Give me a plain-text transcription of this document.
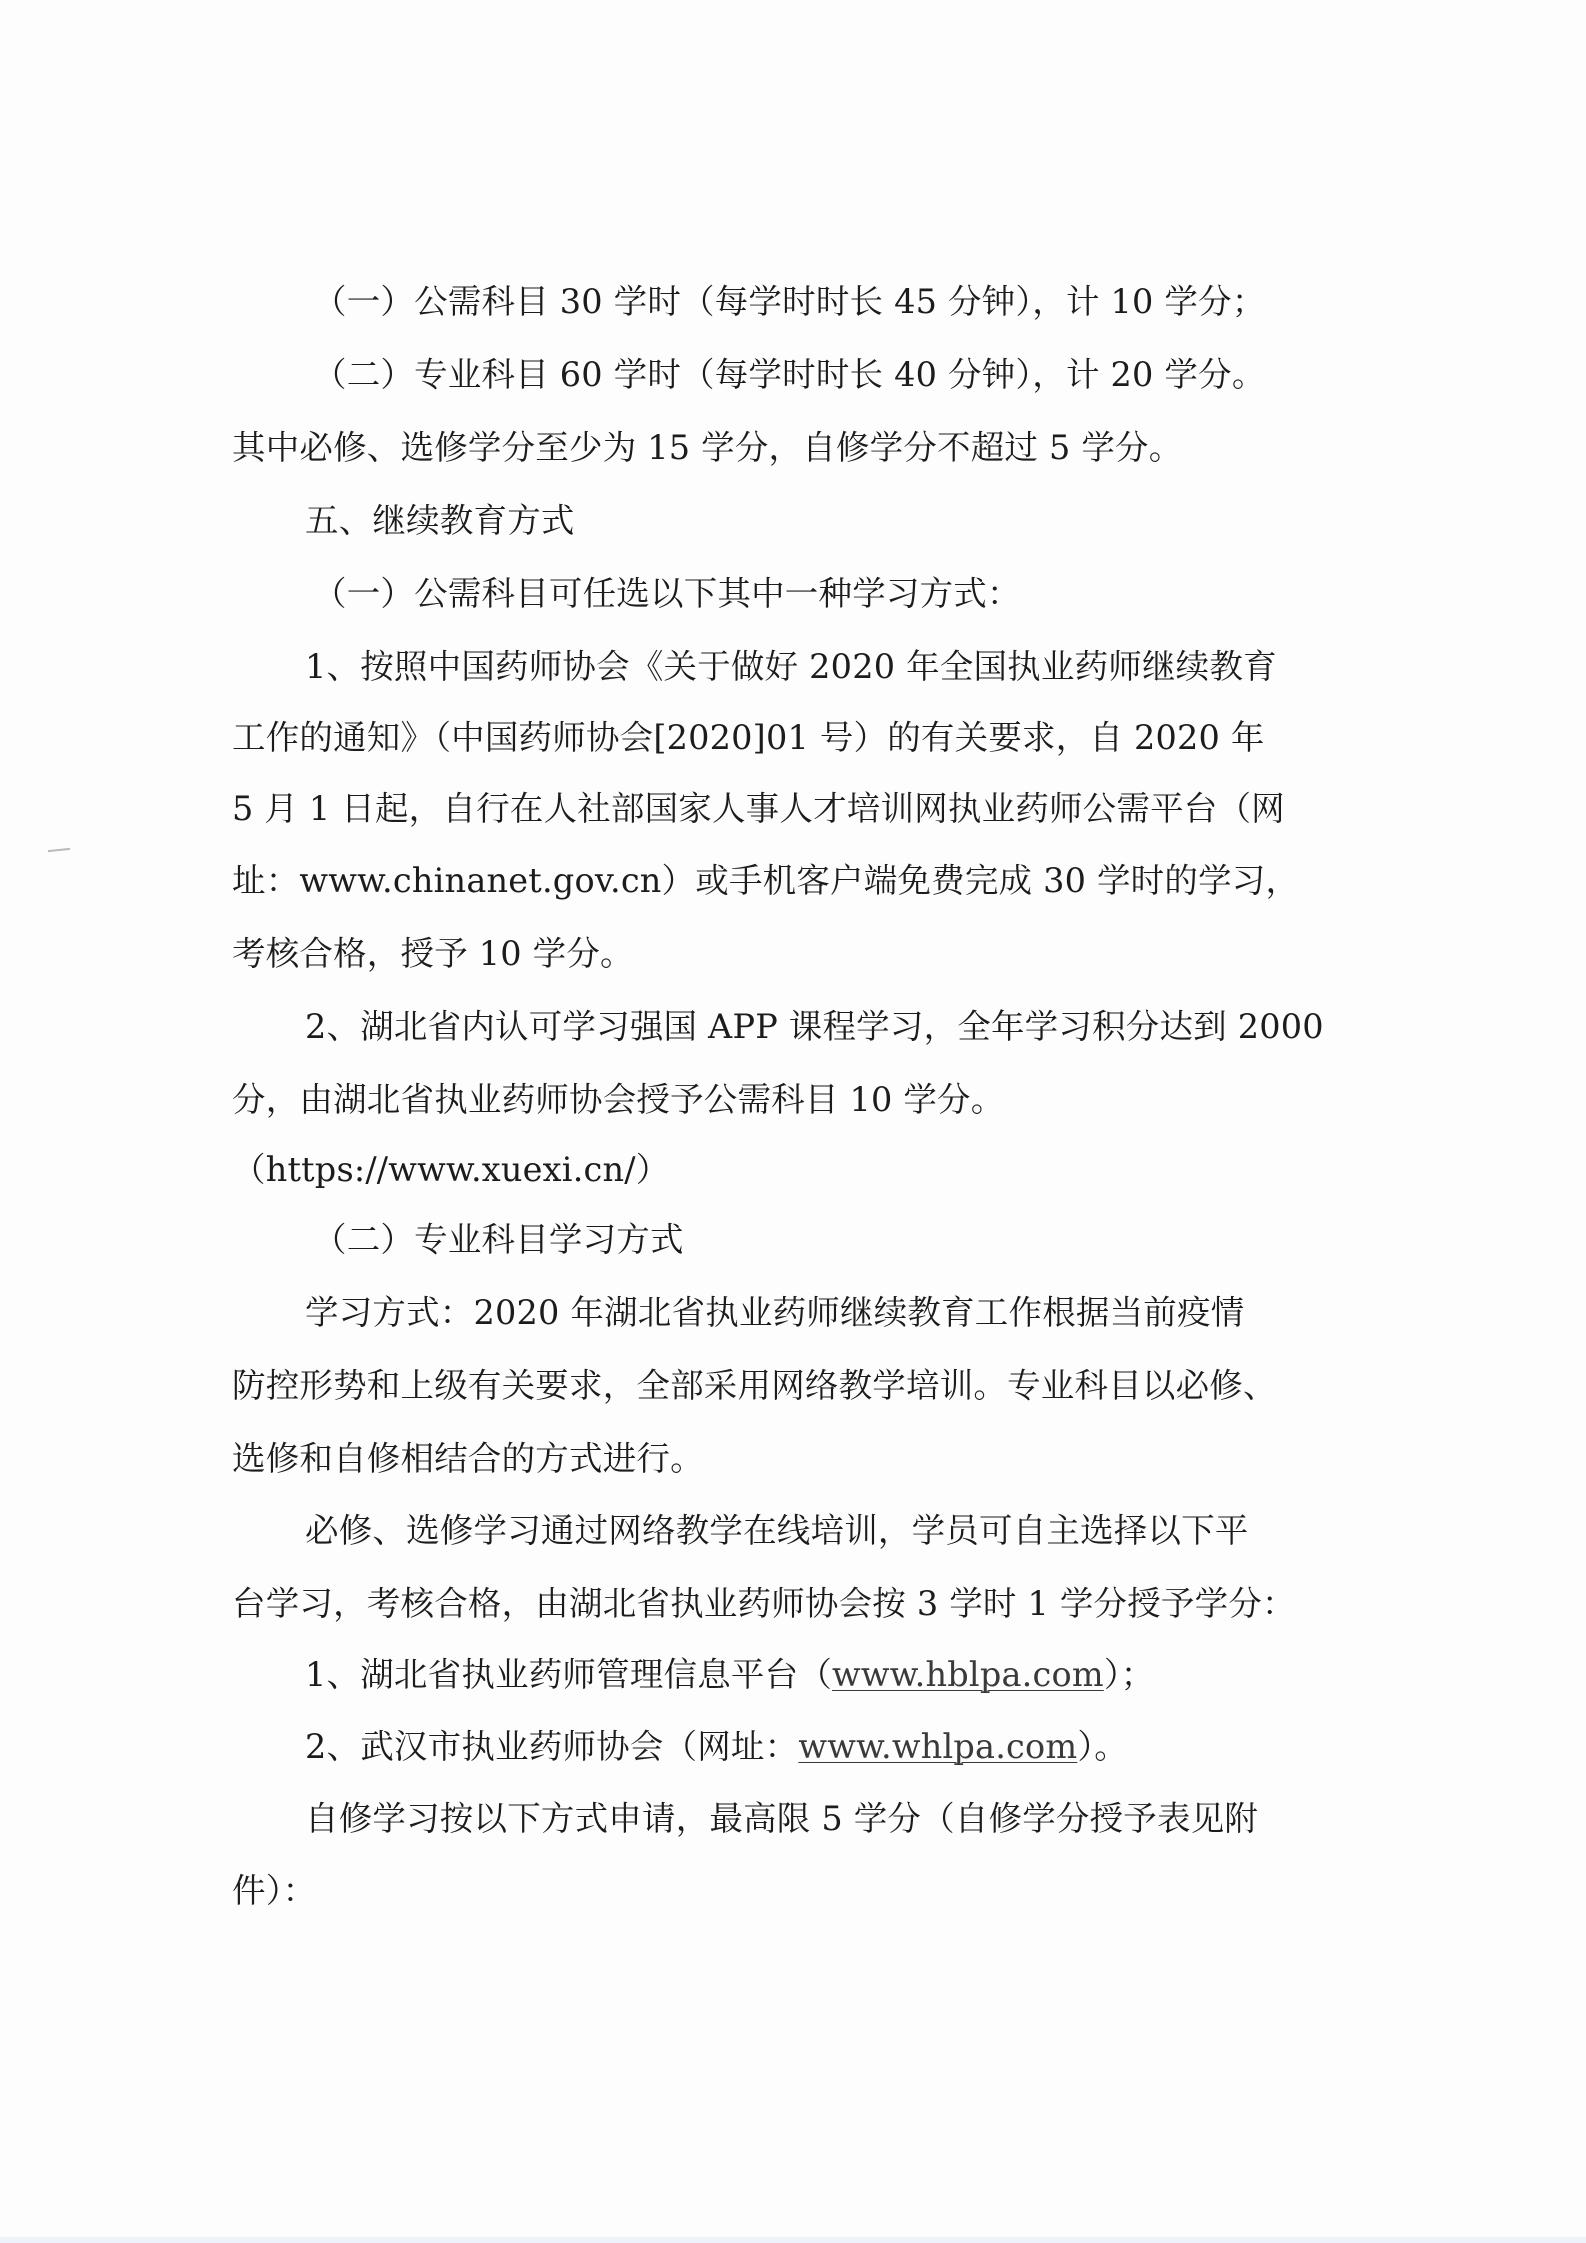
（一）公需科目 30 学时（每学时时长 45 分钟），计 10 学分；
（二）专业科目 60 学时（每学时时长 40 分钟），计 20 学分。
其中必修、选修学分至少为 15 学分，自修学分不超过 5 学分。
五、继续教育方式
（一）公需科目可任选以下其中一种学习方式：
1、按照中国药师协会《关于做好 2020 年全国执业药师继续教育
工作的通知》（中国药师协会[2020]01 号）的有关要求，自 2020 年
5 月 1 日起，自行在人社部国家人事人才培训网执业药师公需平台（网
址：www.chinanet.gov.cn）或手机客户端免费完成 30 学时的学习，
考核合格，授予 10 学分。
2、湖北省内认可学习强国 APP 课程学习，全年学习积分达到 2000
分，由湖北省执业药师协会授予公需科目 10 学分。
（https://www.xuexi.cn/）
（二）专业科目学习方式
学习方式：2020 年湖北省执业药师继续教育工作根据当前疫情
防控形势和上级有关要求，全部采用网络教学培训。专业科目以必修、
选修和自修相结合的方式进行。
必修、选修学习通过网络教学在线培训，学员可自主选择以下平
台学习，考核合格，由湖北省执业药师协会按 3 学时 1 学分授予学分：
1、湖北省执业药师管理信息平台（www.hblpa.com）；
2、武汉市执业药师协会（网址：www.whlpa.com）。
自修学习按以下方式申请，最高限 5 学分（自修学分授予表见附
件）：
